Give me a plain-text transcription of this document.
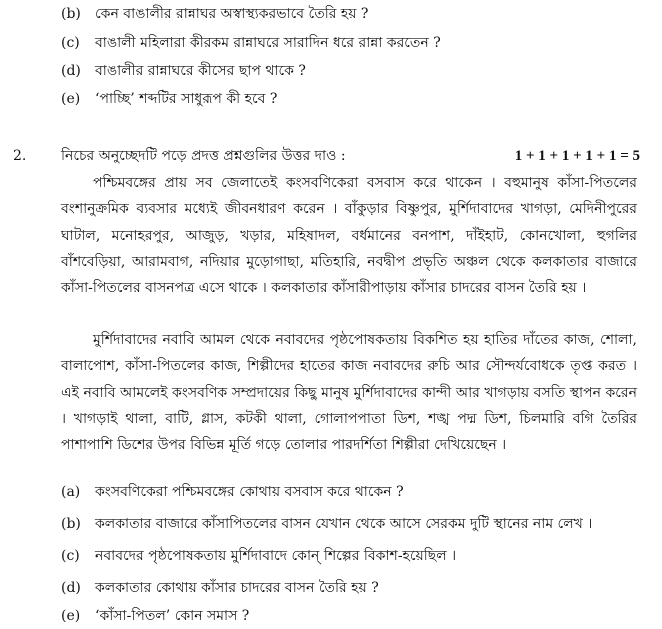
(b)	কেন বাঙালীর রান্নাঘর অস্বাস্থ্যকরভাবে তৈরি হয় ?
(c)	বাঙালী মহিলারা কীরকম রান্নাঘরে সারাদিন ধরে রান্না করতেন ?
(d)	বাঙালীর রান্নাঘরে কীসের ছাপ থাকে ?
(e)	‘পাচ্ছি’ শব্দটির সাধুরূপ কী হবে ?
2. নিচের অনুচ্ছেদটি পড়ে প্রদত্ত প্রশ্নগুলির উত্তর দাও :	1 + 1 + 1 + 1 + 1 = 5

পশ্চিমবঙ্গের প্রায় সব জেলাতেই কংসবণিকেরা বসবাস করে থাকেন । বহুমানুষ কাঁসা-পিতলের বংশানুক্রমিক ব্যবসার মধ্যেই জীবনধারণ করেন । বাঁকুড়ার বিষ্ণুপুর, মুর্শিদাবাদের খাগড়া, মেদিনীপুরের ঘাটাল, মনোহরপুর, আজুড়, খড়ার, মহিষাদল, বর্ধমানের বনপাশ, দাঁইহাট, কোনখোলা, হুগলির বাঁশবেড়িয়া, আরামবাগ, নদিয়ার মুড়োগাছা, মতিহারি, নবদ্বীপ প্রভৃতি অঞ্চল থেকে কলকাতার বাজারে কাঁসা-পিতলের বাসনপত্র এসে থাকে । কলকাতার কাঁসারীপাড়ায় কাঁসার চাদরের বাসন তৈরি হয় ।

মুর্শিদাবাদের নবাবি আমল থেকে নবাবদের পৃষ্ঠপোষকতায় বিকশিত হয় হাতির দাঁতের কাজ, শোলা, বালাপোশ, কাঁসা-পিতলের কাজ, শিল্পীদের হাতের কাজ নবাবদের রুচি আর সৌন্দর্যবোধকে তৃপ্ত করত । এই নবাবি আমলেই কংসবণিক সম্প্রদায়ের কিছু মানুষ মুর্শিদাবাদের কান্দী আর খাগড়ায় বসতি স্থাপন করেন । খাগড়াই থালা, বাটি, গ্লাস, কটকী থালা, গোলাপপাতা ডিশ, শঙ্খ পদ্ম ডিশ, চিলমারি বগি তৈরির পাশাপাশি ডিশের উপর বিভিন্ন মূর্তি গড়ে তোলার পারদর্শিতা শিল্পীরা দেখিয়েছেন ।

(a)	কংসবণিকেরা পশ্চিমবঙ্গের কোথায় বসবাস করে থাকেন ?
(b)	কলকাতার বাজারে কাঁসাপিতলের বাসন যেখান থেকে আসে সেরকম দুটি স্থানের নাম লেখ ।
(c)	নবাবদের পৃষ্ঠপোষকতায় মুর্শিদাবাদে কোন্‌ শিল্পের বিকাশ-হয়েছিল ।
(d)	কলকাতার কোথায় কাঁসার চাদরের বাসন তৈরি হয় ?
(e)	‘কাঁসা-পিতল’ কোন সমাস ?
